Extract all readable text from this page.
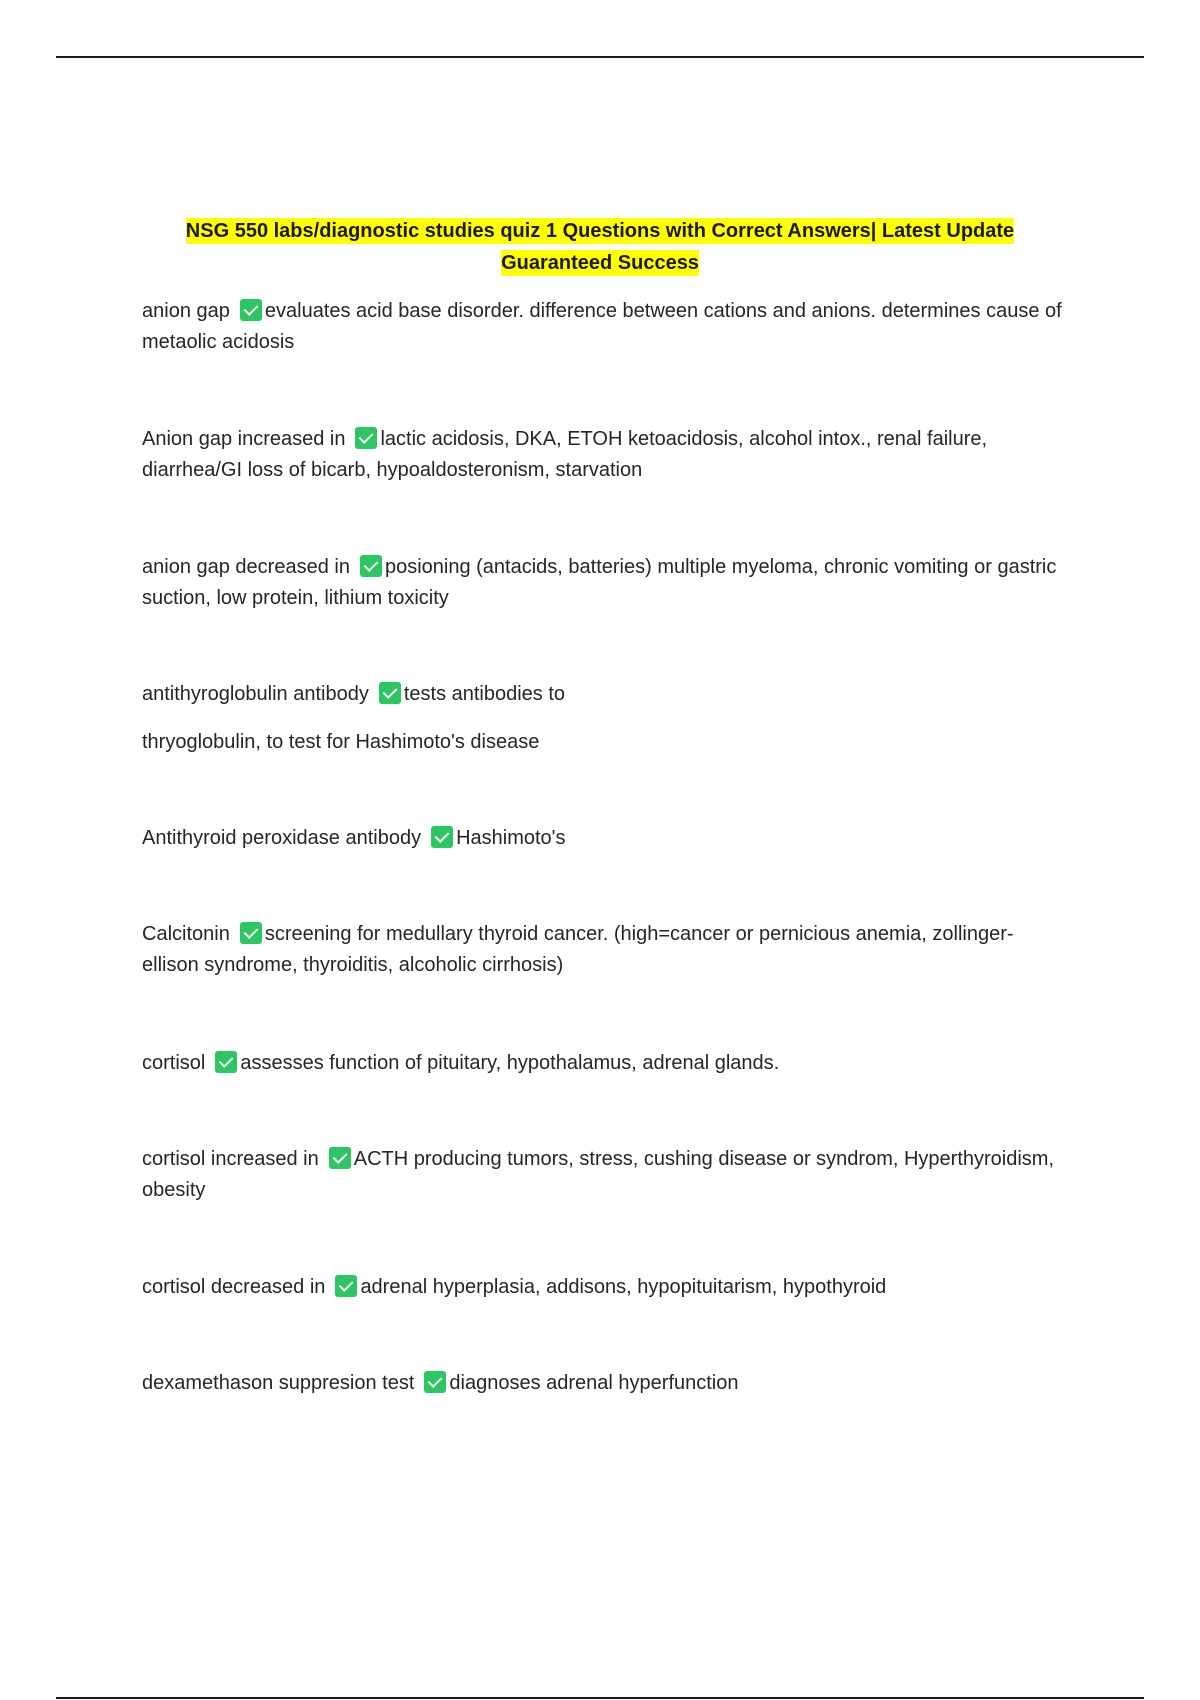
NSG 550 labs/diagnostic studies quiz 1 Questions with Correct Answers| Latest Update
Guaranteed Success
anion gap evaluates acid base disorder. difference between cations and anions. determines cause of metaolic acidosis
Anion gap increased in lactic acidosis, DKA, ETOH ketoacidosis, alcohol intox., renal failure, diarrhea/GI loss of bicarb, hypoaldosteronism, starvation
anion gap decreased in posioning (antacids, batteries) multiple myeloma, chronic vomiting or gastric suction, low protein, lithium toxicity
antithyroglobulin antibody tests antibodies to
thryoglobulin, to test for Hashimoto's disease
Antithyroid peroxidase antibody Hashimoto's
Calcitonin screening for medullary thyroid cancer. (high=cancer or pernicious anemia, zollinger-ellison syndrome, thyroiditis, alcoholic cirrhosis)
cortisol assesses function of pituitary, hypothalamus, adrenal glands.
cortisol increased in ACTH producing tumors, stress, cushing disease or syndrom, Hyperthyroidism, obesity
cortisol decreased in adrenal hyperplasia, addisons, hypopituitarism, hypothyroid
dexamethason suppresion test diagnoses adrenal hyperfunction
